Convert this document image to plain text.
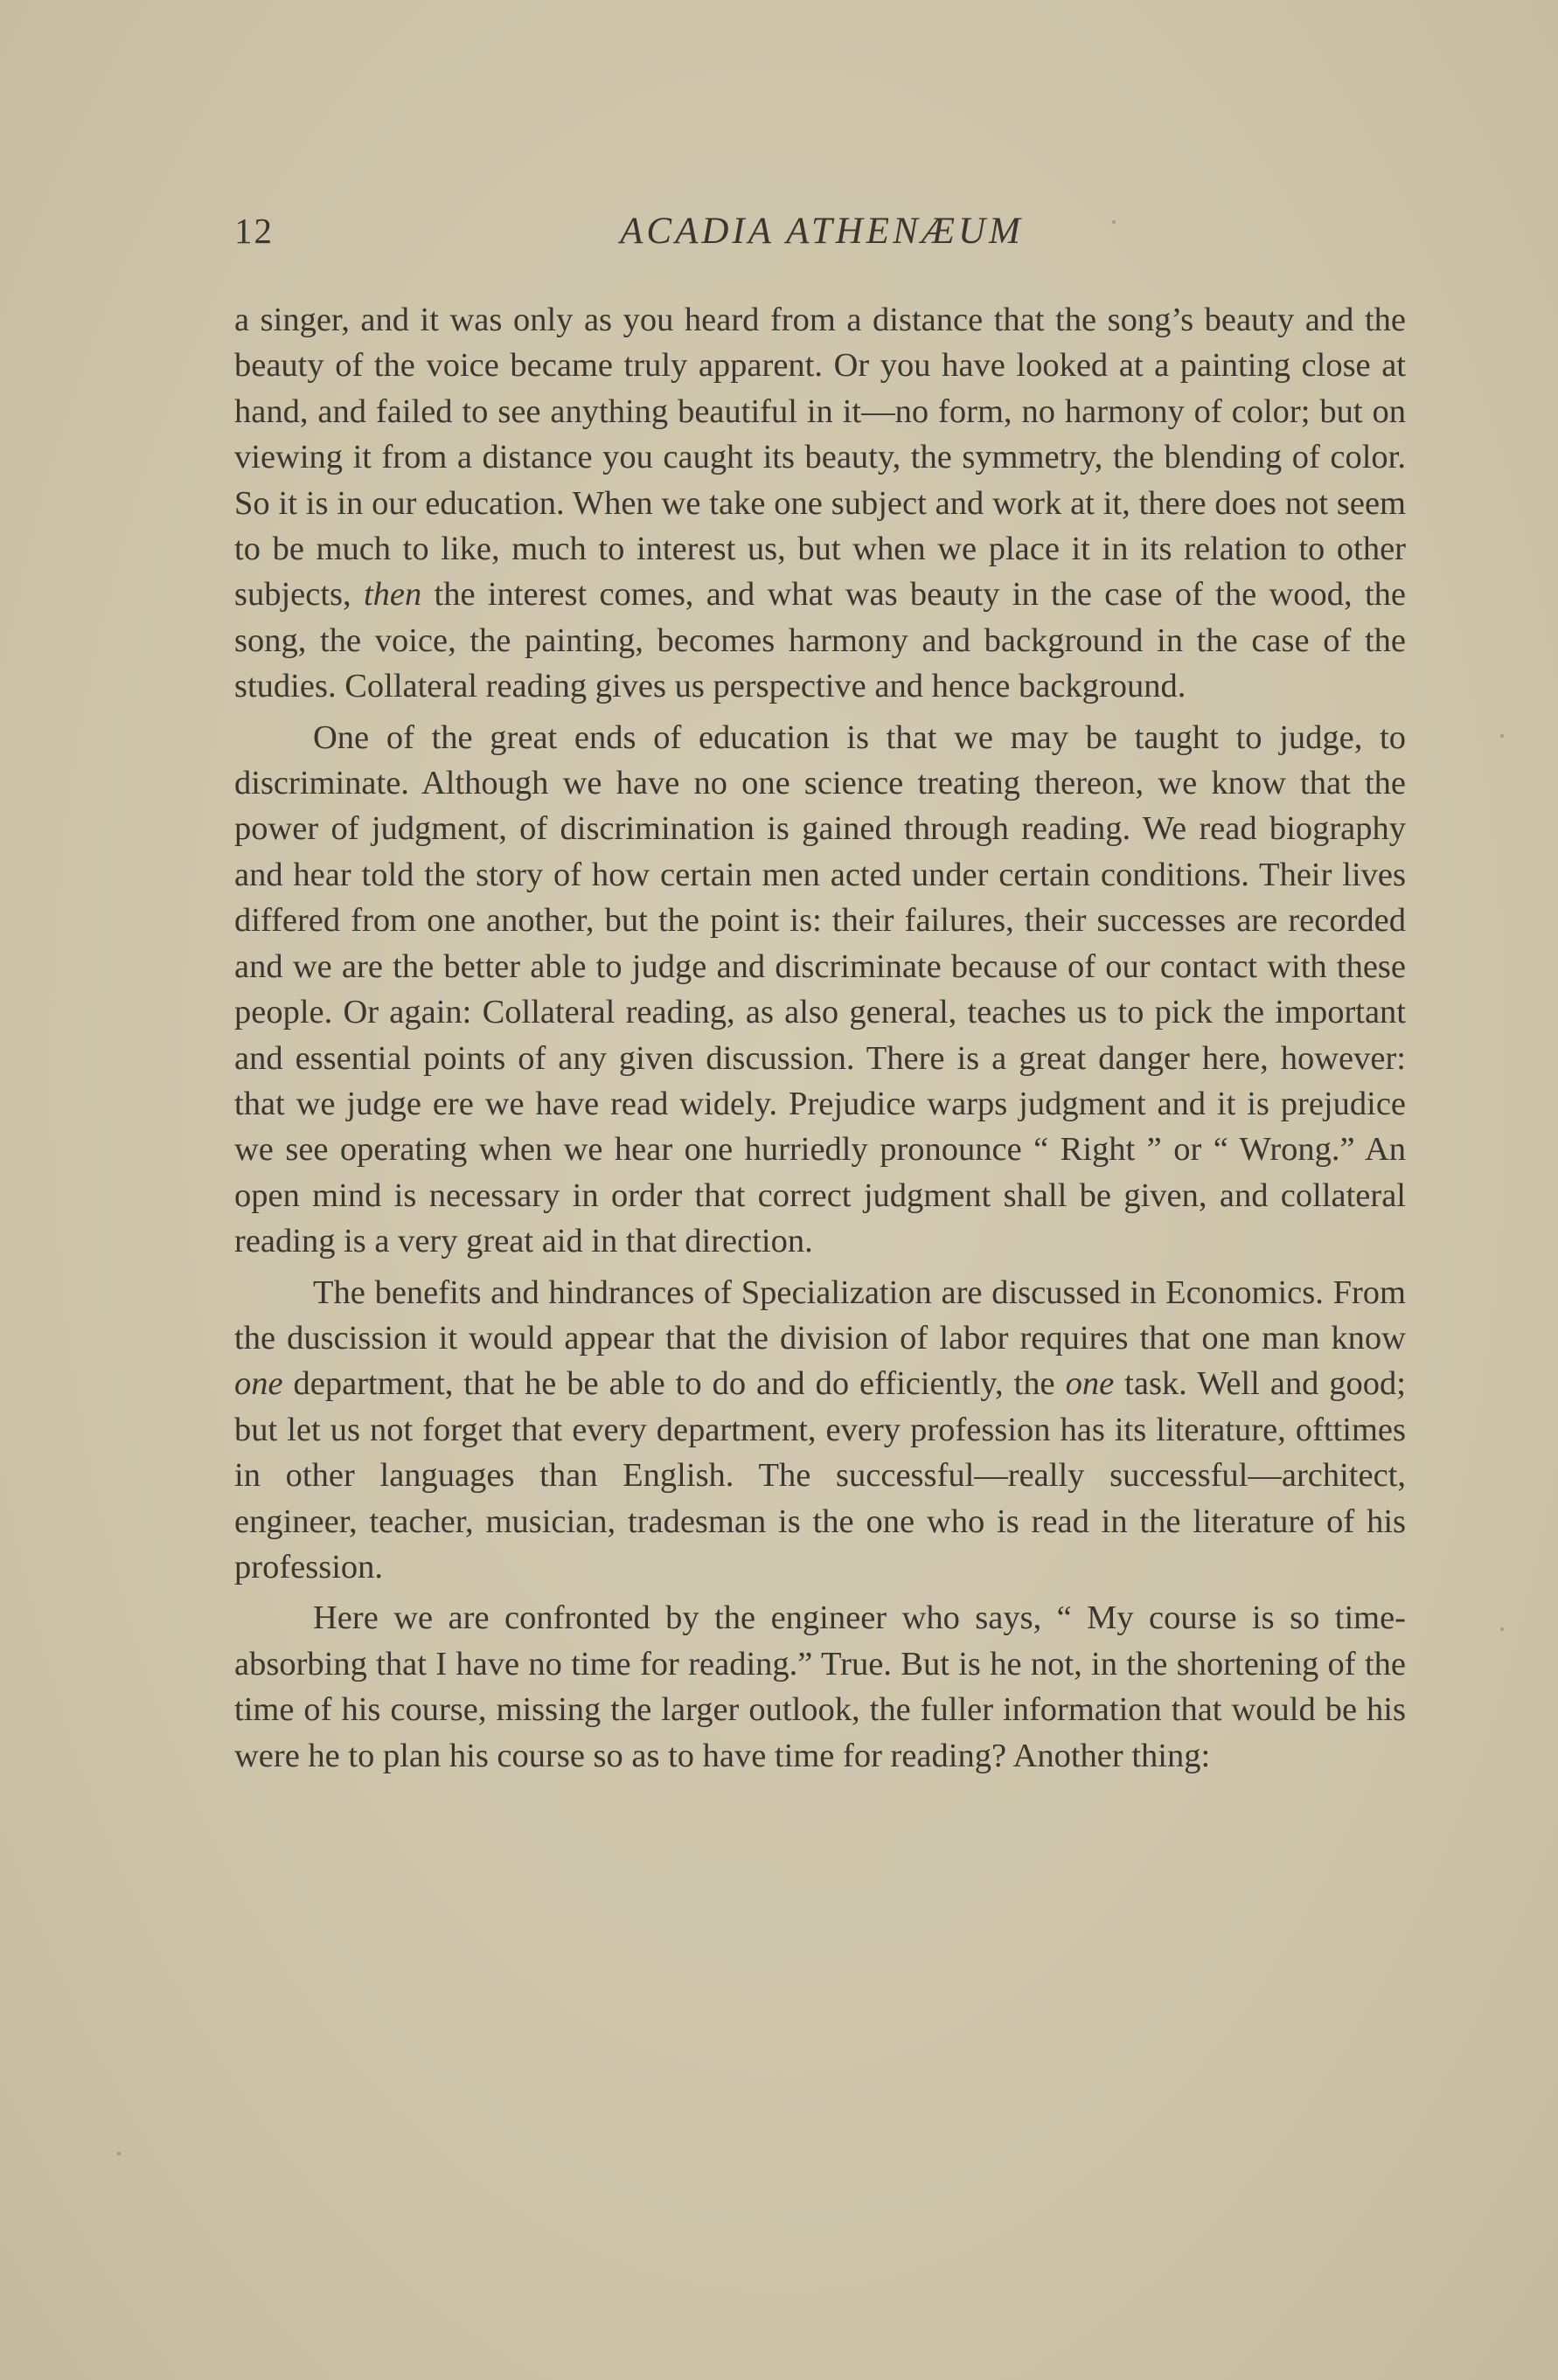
12	ACADIA ATHENÆUM

a singer, and it was only as you heard from a distance that the song’s beauty and the beauty of the voice became truly apparent. Or you have looked at a painting close at hand, and failed to see anything beautiful in it—no form, no harmony of color; but on viewing it from a distance you caught its beauty, the symmetry, the blending of color. So it is in our education. When we take one subject and work at it, there does not seem to be much to like, much to interest us, but when we place it in its relation to other subjects, then the interest comes, and what was beauty in the case of the wood, the song, the voice, the painting, becomes harmony and background in the case of the studies. Collateral reading gives us perspective and hence background.

One of the great ends of education is that we may be taught to judge, to discriminate. Although we have no one science treating thereon, we know that the power of judgment, of discrimination is gained through reading. We read biography and hear told the story of how certain men acted under certain conditions. Their lives differed from one another, but the point is: their failures, their successes are recorded and we are the better able to judge and discriminate because of our contact with these people. Or again: Collateral reading, as also general, teaches us to pick the important and essential points of any given discussion. There is a great danger here, however: that we judge ere we have read widely. Prejudice warps judgment and it is prejudice we see operating when we hear one hurriedly pronounce “ Right ” or “ Wrong.” An open mind is necessary in order that correct judgment shall be given, and collateral reading is a very great aid in that direction.

The benefits and hindrances of Specialization are discussed in Economics. From the duscission it would appear that the division of labor requires that one man know one department, that he be able to do and do efficiently, the one task. Well and good; but let us not forget that every department, every profession has its literature, ofttimes in other languages than English. The successful—really successful—architect, engineer, teacher, musician, tradesman is the one who is read in the literature of his profession.

Here we are confronted by the engineer who says, “ My course is so time-absorbing that I have no time for reading.” True. But is he not, in the shortening of the time of his course, missing the larger outlook, the fuller information that would be his were he to plan his course so as to have time for reading? Another thing:
